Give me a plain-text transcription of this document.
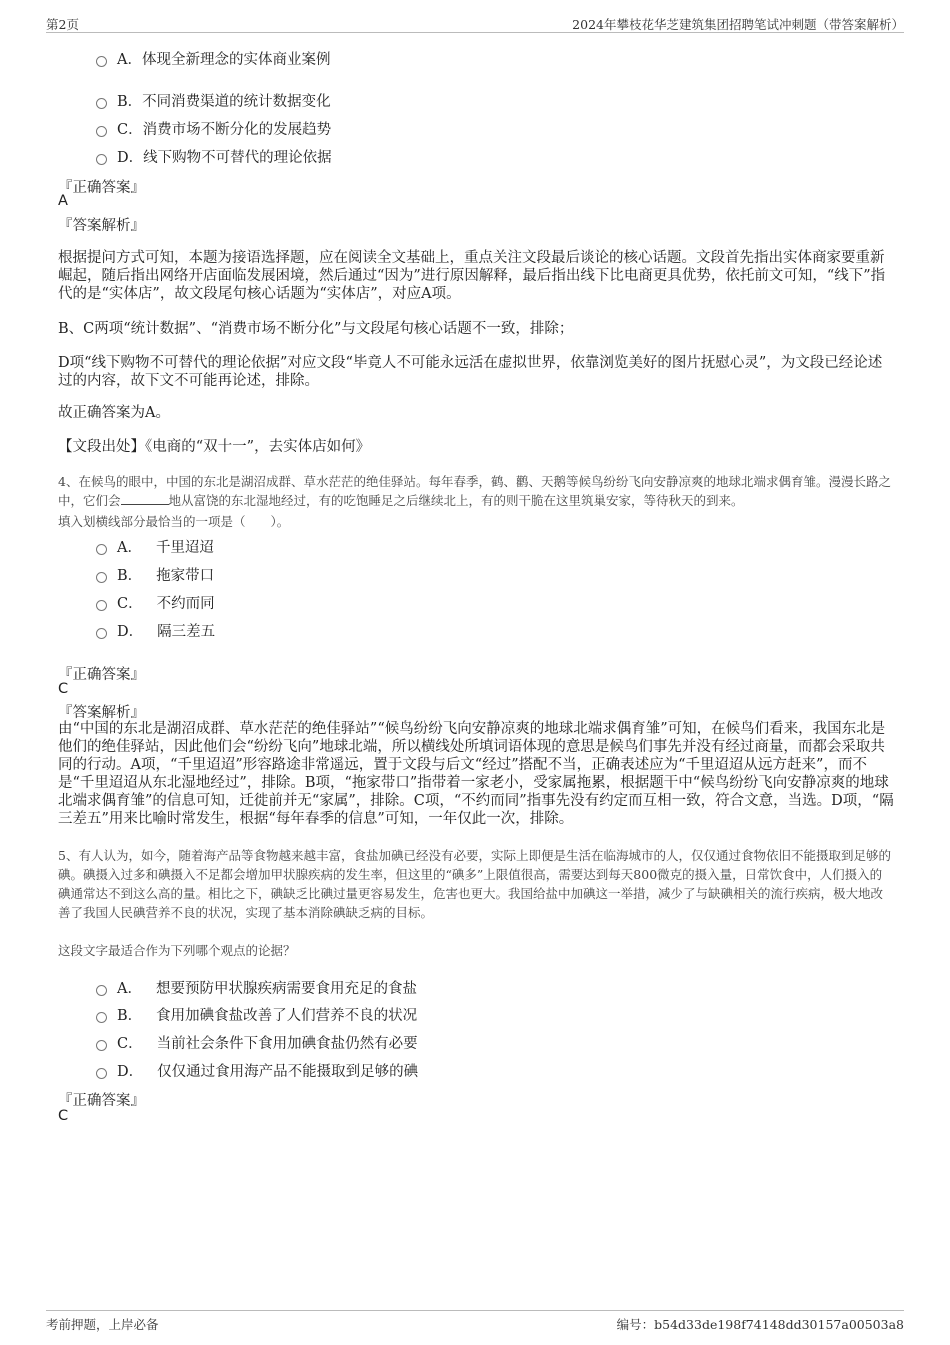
第2页	2024年攀枝花华芝建筑集团招聘笔试冲刺题（带答案解析）
A． 体现全新理念的实体商业案例
B． 不同消费渠道的统计数据变化
C． 消费市场不断分化的发展趋势
D． 线下购物不可替代的理论依据
『正确答案』
A
『答案解析』
根据提问方式可知，本题为接语选择题，应在阅读全文基础上，重点关注文段最后谈论的核心话题。文段首先指出实体商家要重新崛起，随后指出网络开店面临发展困境，然后通过“因为”进行原因解释，最后指出线下比电商更具优势，依托前文可知，“线下”指代的是“实体店”，故文段尾句核心话题为“实体店”，对应A项。
B、C两项“统计数据”、“消费市场不断分化”与文段尾句核心话题不一致，排除；
D项“线下购物不可替代的理论依据”对应文段“毕竟人不可能永远活在虚拟世界，依靠浏览美好的图片抚慰心灵”，为文段已经论述过的内容，故下文不可能再论述，排除。
故正确答案为A。
【文段出处】《电商的“双十一”，去实体店如何》
4、在候鸟的眼中，中国的东北是湖沼成群、草水茫茫的绝佳驿站。每年春季，鹤、鹳、天鹅等候鸟纷纷飞向安静凉爽的地球北端求偶育雏。漫漫长路之中，它们会	地从富饶的东北湿地经过，有的吃饱睡足之后继续北上，有的则干脆在这里筑巢安家，等待秋天的到来。
填入划横线部分最恰当的一项是（　　）。
A． 千里迢迢
B． 拖家带口
C． 不约而同
D． 隔三差五
『正确答案』
C
『答案解析』
由“中国的东北是湖沼成群、草水茫茫的绝佳驿站”“候鸟纷纷飞向安静凉爽的地球北端求偶育雏”可知，在候鸟们看来，我国东北是他们的绝佳驿站，因此他们会“纷纷飞向”地球北端，所以横线处所填词语体现的意思是候鸟们事先并没有经过商量，而都会采取共同的行动。A项，“千里迢迢”形容路途非常遥远，置于文段与后文“经过”搭配不当，正确表述应为“千里迢迢从远方赶来”，而不是“千里迢迢从东北湿地经过”，排除。B项，“拖家带口”指带着一家老小，受家属拖累，根据题干中“候鸟纷纷飞向安静凉爽的地球北端求偶育雏”的信息可知，迁徙前并无“家属”，排除。C项，“不约而同”指事先没有约定而互相一致，符合文意，当选。D项，“隔三差五”用来比喻时常发生，根据“每年春季的信息”可知，一年仅此一次，排除。
5、有人认为，如今，随着海产品等食物越来越丰富，食盐加碘已经没有必要，实际上即便是生活在临海城市的人，仅仅通过食物依旧不能摄取到足够的碘。碘摄入过多和碘摄入不足都会增加甲状腺疾病的发生率，但这里的“碘多”上限值很高，需要达到每天800微克的摄入量，日常饮食中，人们摄入的碘通常达不到这么高的量。相比之下，碘缺乏比碘过量更容易发生，危害也更大。我国给盐中加碘这一举措，减少了与缺碘相关的流行疾病，极大地改善了我国人民碘营养不良的状况，实现了基本消除碘缺乏病的目标。
这段文字最适合作为下列哪个观点的论据？
A． 想要预防甲状腺疾病需要食用充足的食盐
B． 食用加碘食盐改善了人们营养不良的状况
C． 当前社会条件下食用加碘食盐仍然有必要
D． 仅仅通过食用海产品不能摄取到足够的碘
『正确答案』
C
考前押题，上岸必备	编号：b54d33de198f74148dd30157a00503a8
